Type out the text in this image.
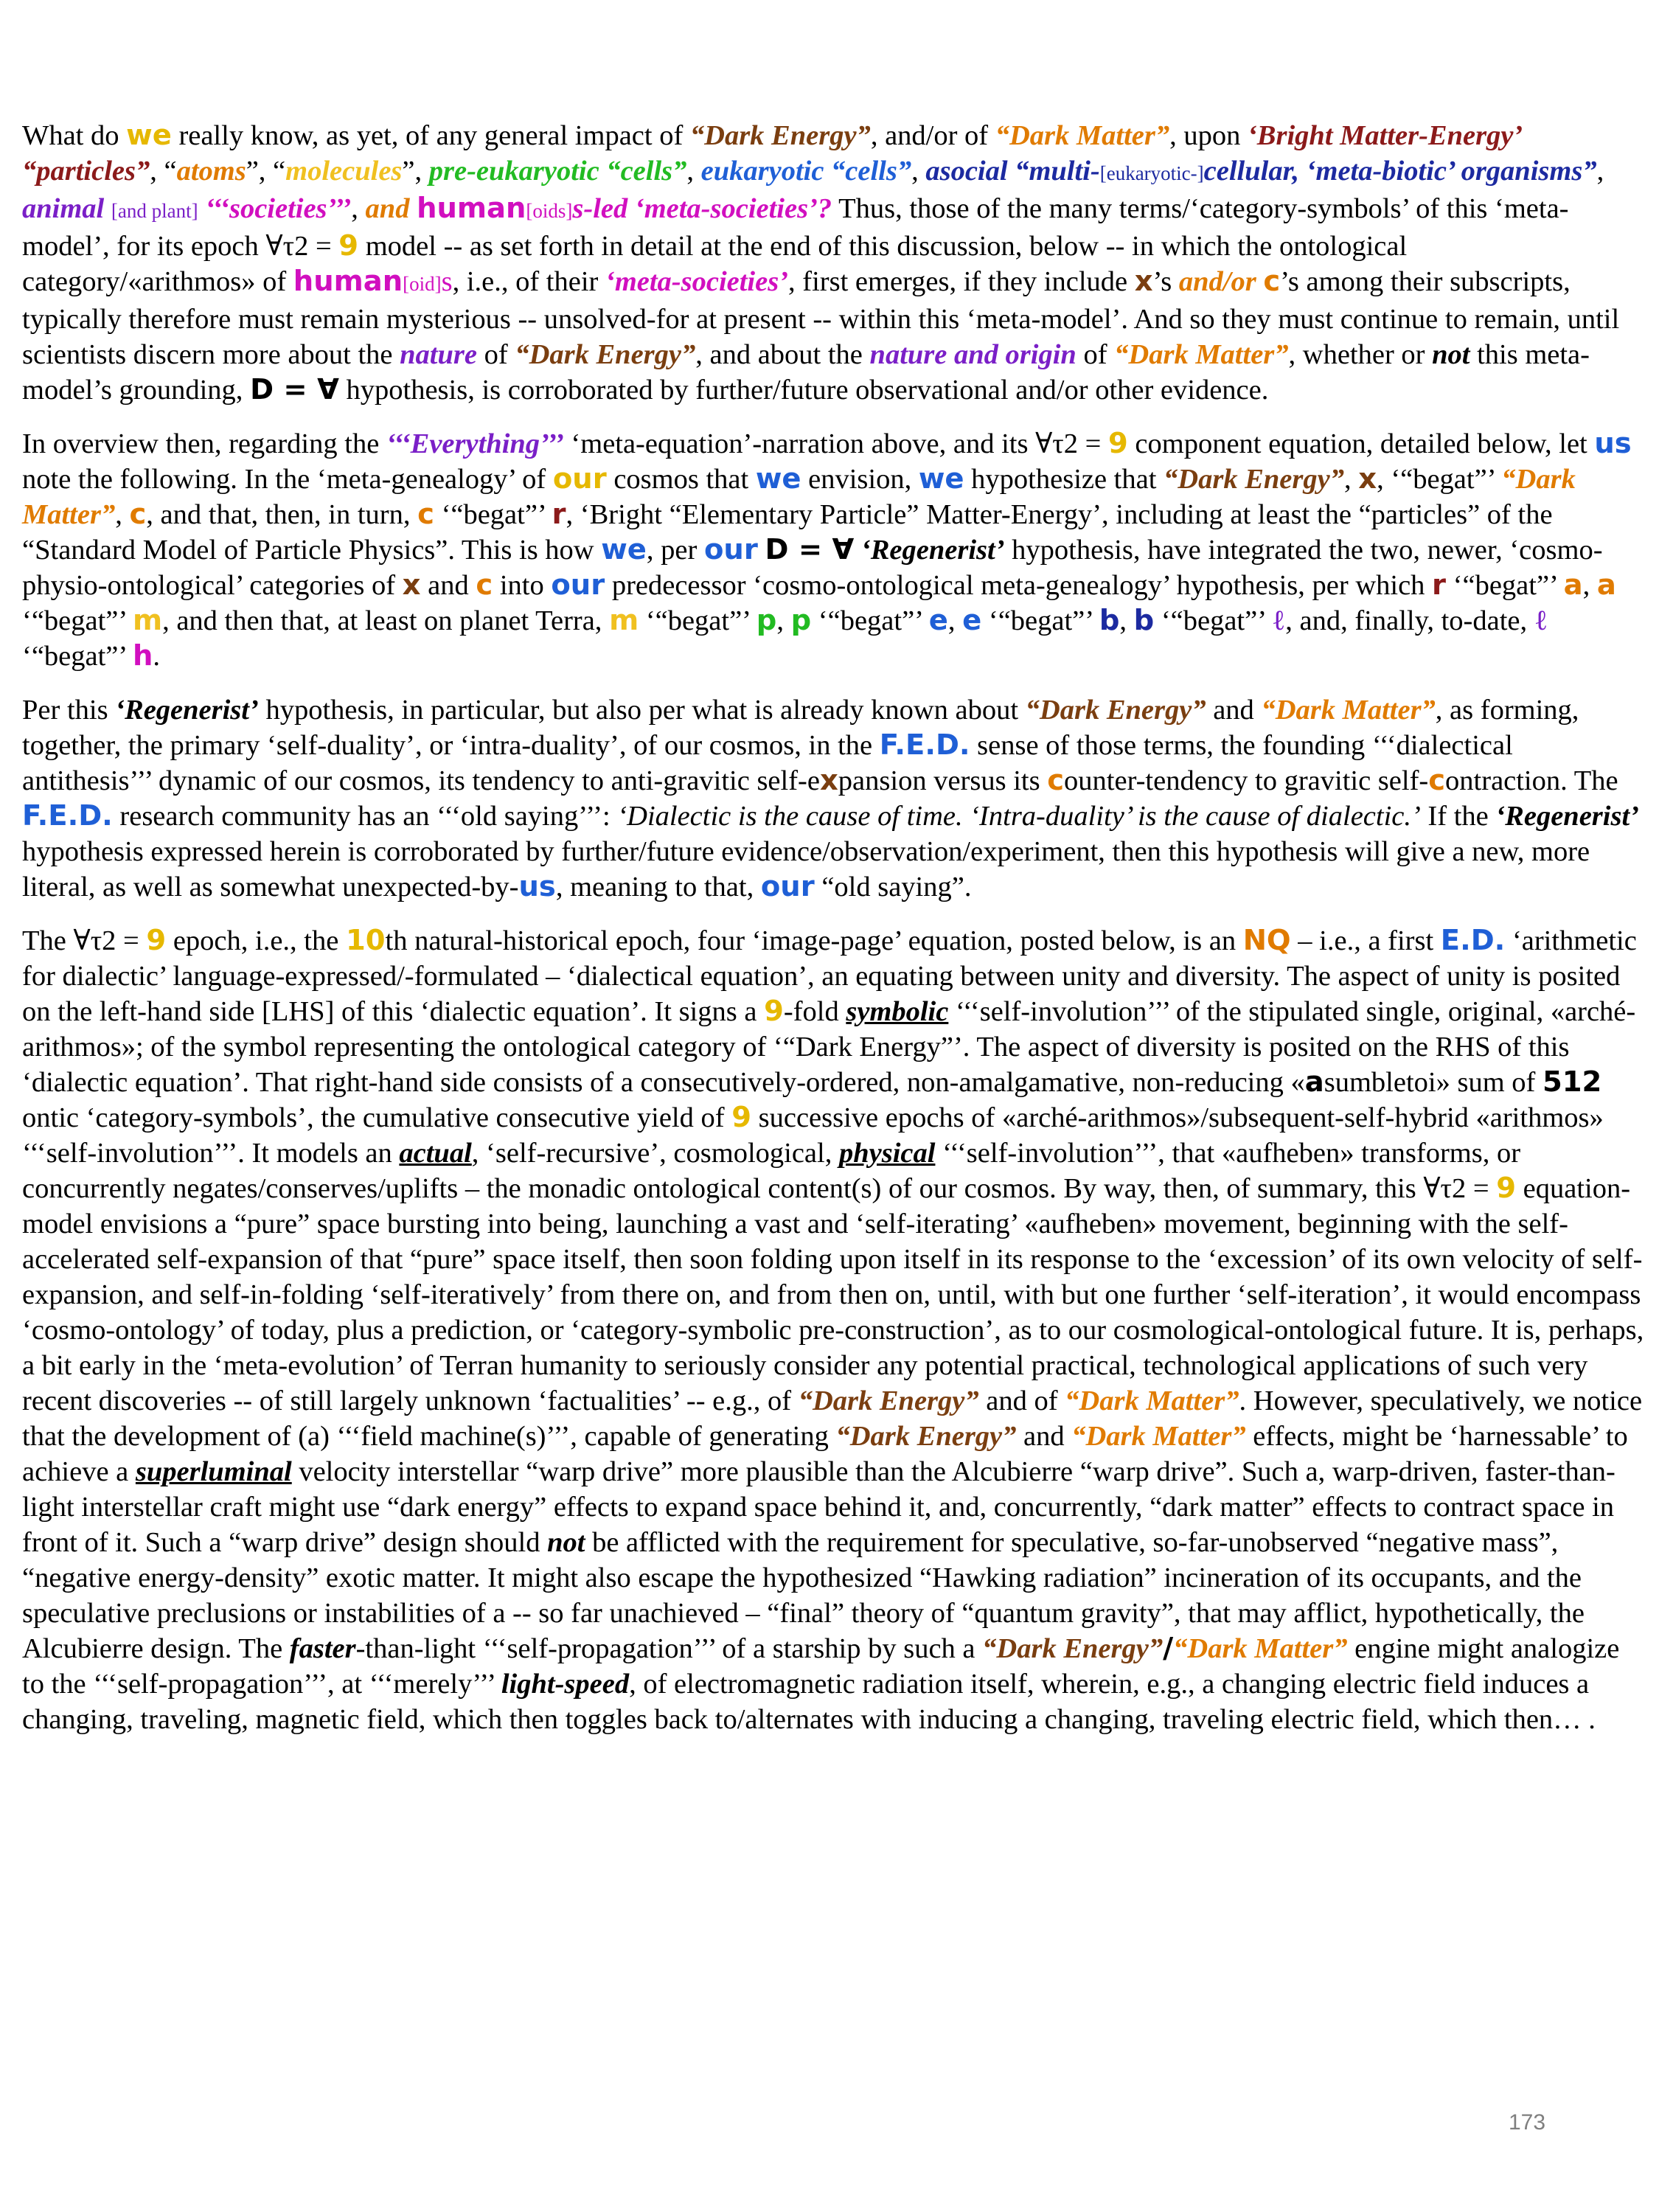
What do we really know, as yet, of any general impact of “Dark Energy”, and/or of “Dark Matter”, upon ‘Bright Matter-Energy’ “particles”, “atoms”, “molecules”, pre-eukaryotic “cells”, eukaryotic “cells”, asocial “multi-[eukaryotic-]cellular, ‘meta-biotic’ organisms”, animal [and plant] ‘‘‘societies’’’, and human[oids]s-led ‘meta-societies’? Thus, those of the many terms/‘category-symbols’ of this ‘meta-model’, for its epoch ∀τ2 = 9 model -- as set forth in detail at the end of this discussion, below -- in which the ontological category/«arithmos» of human[oid]s, i.e., of their ‘meta-societies’, first emerges, if they include x’s and/or c’s among their subscripts, typically therefore must remain mysterious -- unsolved-for at present -- within this ‘meta-model’. And so they must continue to remain, until scientists discern more about the nature of “Dark Energy”, and about the nature and origin of “Dark Matter”, whether or not this meta-model’s grounding, D = ∀ hypothesis, is corroborated by further/future observational and/or other evidence.

In overview then, regarding the ‘‘‘Everything’’’ ‘meta-equation’-narration above, and its ∀τ2 = 9 component equation, detailed below, let us note the following. In the ‘meta-genealogy’ of our cosmos that we envision, we hypothesize that “Dark Energy”, x, ‘“begat”’ “Dark Matter”, c, and that, then, in turn, c ‘“begat”’ r, ‘Bright “Elementary Particle” Matter-Energy’, including at least the “particles” of the “Standard Model of Particle Physics”. This is how we, per our D = ∀ ‘Regenerist’ hypothesis, have integrated the two, newer, ‘cosmo-physio-ontological’ categories of x and c into our predecessor ‘cosmo-ontological meta-genealogy’ hypothesis, per which r ‘“begat”’ a, a ‘“begat”’ m, and then that, at least on planet Terra, m ‘“begat”’ p, p ‘“begat”’ e, e ‘“begat”’ b, b ‘“begat”’ ℓ, and, finally, to-date, ℓ ‘“begat”’ h.

Per this ‘Regenerist’ hypothesis, in particular, but also per what is already known about “Dark Energy” and “Dark Matter”, as forming, together, the primary ‘self-duality’, or ‘intra-duality’, of our cosmos, in the F.E.D. sense of those terms, the founding ‘‘‘dialectical antithesis’’’ dynamic of our cosmos, its tendency to anti-gravitic self-expansion versus its counter-tendency to gravitic self-contraction. The F.E.D. research community has an ‘‘‘old saying’’’: ‘Dialectic is the cause of time. ‘Intra-duality’ is the cause of dialectic.’ If the ‘Regenerist’ hypothesis expressed herein is corroborated by further/future evidence/observation/experiment, then this hypothesis will give a new, more literal, as well as somewhat unexpected-by-us, meaning to that, our “old saying”.

The ∀τ2 = 9 epoch, i.e., the 10th natural-historical epoch, four ‘image-page’ equation, posted below, is an NQ – i.e., a first E.D. ‘arithmetic for dialectic’ language-expressed/-formulated – ‘dialectical equation’, an equating between unity and diversity. The aspect of unity is posited on the left-hand side [LHS] of this ‘dialectic equation’. It signs a 9-fold symbolic ‘‘‘self-involution’’’ of the stipulated single, original, «arché-arithmos»; of the symbol representing the ontological category of ‘“Dark Energy”’. The aspect of diversity is posited on the RHS of this ‘dialectic equation’. That right-hand side consists of a consecutively-ordered, non-amalgamative, non-reducing «asumbletoi» sum of 512 ontic ‘category-symbols’, the cumulative consecutive yield of 9 successive epochs of «arché-arithmos»/subsequent-self-hybrid «arithmos» ‘‘‘self-involution’’’. It models an actual, ‘self-recursive’, cosmological, physical ‘‘‘self-involution’’’, that «aufheben» transforms, or concurrently negates/conserves/uplifts – the monadic ontological content(s) of our cosmos. By way, then, of summary, this ∀τ2 = 9 equation-model envisions a “pure” space bursting into being, launching a vast and ‘self-iterating’ «aufheben» movement, beginning with the self-accelerated self-expansion of that “pure” space itself, then soon folding upon itself in its response to the ‘excession’ of its own velocity of self-expansion, and self-in-folding ‘self-iteratively’ from there on, and from then on, until, with but one further ‘self-iteration’, it would encompass ‘cosmo-ontology’ of today, plus a prediction, or ‘category-symbolic pre-construction’, as to our cosmological-ontological future. It is, perhaps, a bit early in the ‘meta-evolution’ of Terran humanity to seriously consider any potential practical, technological applications of such very recent discoveries -- of still largely unknown ‘factualities’ -- e.g., of “Dark Energy” and of “Dark Matter”. However, speculatively, we notice that the development of (a) ‘‘‘field machine(s)’’’, capable of generating “Dark Energy” and “Dark Matter” effects, might be ‘harnessable’ to achieve a superluminal velocity interstellar “warp drive” more plausible than the Alcubierre “warp drive”. Such a, warp-driven, faster-than-light interstellar craft might use “dark energy” effects to expand space behind it, and, concurrently, “dark matter” effects to contract space in front of it. Such a “warp drive” design should not be afflicted with the requirement for speculative, so-far-unobserved “negative mass”, “negative energy-density” exotic matter. It might also escape the hypothesized “Hawking radiation” incineration of its occupants, and the speculative preclusions or instabilities of a -- so far unachieved – “final” theory of “quantum gravity”, that may afflict, hypothetically, the Alcubierre design. The faster-than-light ‘‘‘self-propagation’’’ of a starship by such a “Dark Energy”/“Dark Matter” engine might analogize to the ‘‘‘self-propagation’’’, at ‘‘‘merely’’’ light-speed, of electromagnetic radiation itself, wherein, e.g., a changing electric field induces a changing, traveling, magnetic field, which then toggles back to/alternates with inducing a changing, traveling electric field, which then… .

173
